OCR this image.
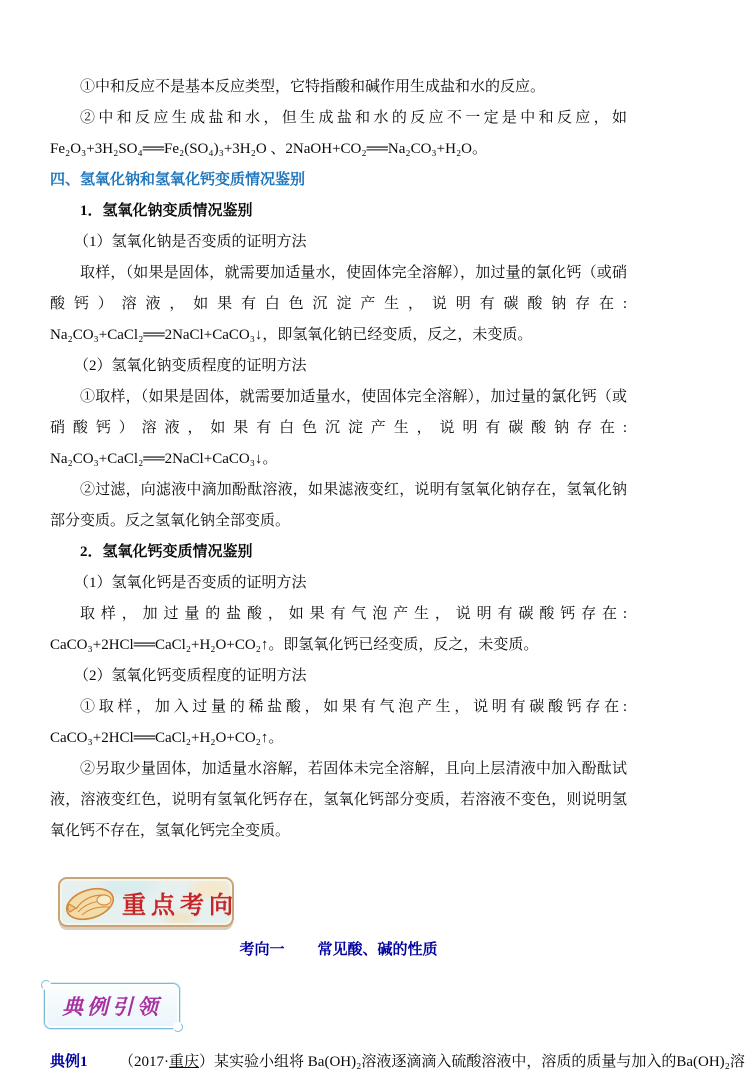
①中和反应不是基本反应类型，它特指酸和碱作用生成盐和水的反应。

②中和反应生成盐和水，但生成盐和水的反应不一定是中和反应，如 Fe₂O₃+3H₂SO₄══Fe₂(SO₄)₃+3H₂O 、2NaOH+CO₂══Na₂CO₃+H₂O。

四、氢氧化钠和氢氧化钙变质情况鉴别

1．氢氧化钠变质情况鉴别

（1）氢氧化钠是否变质的证明方法

取样，（如果是固体，就需要加适量水，使固体完全溶解），加过量的氯化钙（或硝酸钙）溶液，如果有白色沉淀产生，说明有碳酸钠存在: Na₂CO₃+CaCl₂══2NaCl+CaCO₃↓，即氢氧化钠已经变质，反之，未变质。

（2）氢氧化钠变质程度的证明方法

①取样，（如果是固体，就需要加适量水，使固体完全溶解），加过量的氯化钙（或硝酸钙）溶液，如果有白色沉淀产生，说明有碳酸钠存在: Na₂CO₃+CaCl₂══2NaCl+CaCO₃↓。

②过滤，向滤液中滴加酚酞溶液，如果滤液变红，说明有氢氧化钠存在，氢氧化钠部分变质。反之氢氧化钠全部变质。

2．氢氧化钙变质情况鉴别

（1）氢氧化钙是否变质的证明方法

取样，加过量的盐酸，如果有气泡产生，说明有碳酸钙存在: CaCO₃+2HCl══CaCl₂+H₂O+CO₂↑。即氢氧化钙已经变质，反之，未变质。

（2）氢氧化钙变质程度的证明方法

①取样，加入过量的稀盐酸，如果有气泡产生，说明有碳酸钙存在: CaCO₃+2HCl══CaCl₂+H₂O+CO₂↑。

②另取少量固体，加适量水溶解，若固体未完全溶解，且向上层清液中加入酚酞试液，溶液变红色，说明有氢氧化钙存在，氢氧化钙部分变质，若溶液不变色，则说明氢氧化钙不存在，氢氧化钙完全变质。

重点考向

考向一 常见酸、碱的性质

典例引领

典例1 （2017·重庆）某实验小组将 Ba(OH)₂溶液逐滴滴入硫酸溶液中，溶质的质量与加入的Ba(OH)₂溶
